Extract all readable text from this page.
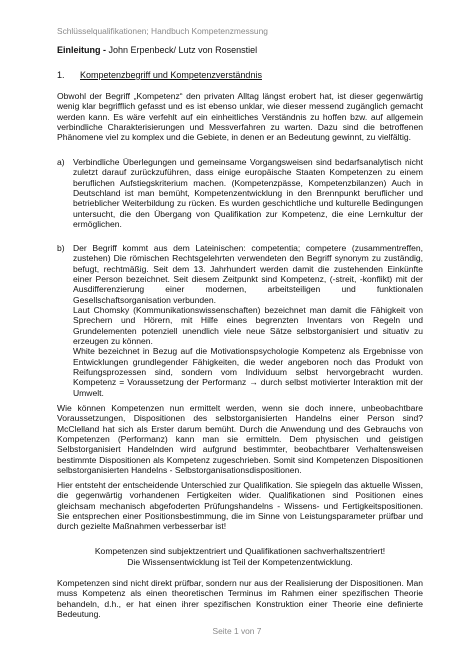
Schlüsselqualifikationen; Handbuch Kompetenzmessung
Einleitung - John Erpenbeck/ Lutz von Rosenstiel
1. Kompetenzbegriff und Kompetenzverständnis

Obwohl der Begriff „Kompetenz“ den privaten Alltag längst erobert hat, ist dieser gegenwärtig wenig klar begrifflich gefasst und es ist ebenso unklar, wie dieser messend zugänglich gemacht werden kann. Es wäre verfehlt auf ein einheitliches Verständnis zu hoffen bzw. auf allgemein verbindliche Charakterisierungen und Messverfahren zu warten. Dazu sind die betroffenen Phänomene viel zu komplex und die Gebiete, in denen er an Bedeutung gewinnt, zu vielfältig.

a) Verbindliche Überlegungen und gemeinsame Vorgangsweisen sind bedarfsanalytisch nicht zuletzt darauf zurückzuführen, dass einige europäische Staaten Kompetenzen zu einem beruflichen Aufstiegskriterium machen. (Kompetenzpässe, Kompetenzbilanzen) Auch in Deutschland ist man bemüht, Kompetenzentwicklung in den Brennpunkt beruflicher und betrieblicher Weiterbildung zu rücken. Es wurden geschichtliche und kulturelle Bedingungen untersucht, die den Übergang von Qualifikation zur Kompetenz, die eine Lernkultur der ermöglichen.
b) Der Begriff kommt aus dem Lateinischen: competentia; competere (zusammentreffen, zustehen) Die römischen Rechtsgelehrten verwendeten den Begriff synonym zu zuständig, befugt, rechtmäßig. Seit dem 13. Jahrhundert werden damit die zustehenden Einkünfte einer Person bezeichnet. Seit diesem Zeitpunkt sind Kompetenz, (-streit, -konflikt) mit der Ausdifferenzierung einer modernen, arbeitsteiligen und funktionalen Gesellschaftsorganisation verbunden.
Laut Chomsky (Kommunikationswissenschaften) bezeichnet man damit die Fähigkeit von Sprechern und Hörern, mit Hilfe eines begrenzten Inventars von Regeln und Grundelementen potenziell unendlich viele neue Sätze selbstorganisiert und situativ zu erzeugen zu können.
White bezeichnet in Bezug auf die Motivationspsychologie Kompetenz als Ergebnisse von Entwicklungen grundlegender Fähigkeiten, die weder angeboren noch das Produkt von Reifungsprozessen sind, sondern vom Individuum selbst hervorgebracht wurden. Kompetenz = Voraussetzung der Performanz → durch selbst motivierter Interaktion mit der Umwelt.

Wie können Kompetenzen nun ermittelt werden, wenn sie doch innere, unbeobachtbare Voraussetzungen, Dispositionen des selbstorganisierten Handelns einer Person sind? McClelland hat sich als Erster darum bemüht. Durch die Anwendung und des Gebrauchs von Kompetenzen (Performanz) kann man sie ermitteln. Dem physischen und geistigen Selbstorganisiert Handelnden wird aufgrund bestimmter, beobachtbarer Verhaltensweisen bestimmte Dispositionen als Kompetenz zugeschrieben. Somit sind Kompetenzen Dispositionen selbstorganisierten Handelns - Selbstorganisationsdispositionen.

Hier entsteht der entscheidende Unterschied zur Qualifikation. Sie spiegeln das aktuelle Wissen, die gegenwärtig vorhandenen Fertigkeiten wider. Qualifikationen sind Positionen eines gleichsam mechanisch abgefoderten Prüfungshandelns - Wissens- und Fertigkeitspositionen. Sie entsprechen einer Positionsbestimmung, die im Sinne von Leistungsparameter prüfbar und durch gezielte Maßnahmen verbesserbar ist!

Kompetenzen sind subjektzentriert und Qualifikationen sachverhaltszentriert!
Die Wissensentwicklung ist Teil der Kompetenzentwicklung.

Kompetenzen sind nicht direkt prüfbar, sondern nur aus der Realisierung der Dispositionen. Man muss Kompetenz als einen theoretischen Terminus im Rahmen einer spezifischen Theorie behandeln, d.h., er hat einen ihrer spezifischen Konstruktion einer Theorie eine definierte Bedeutung.

Seite 1 von 7
